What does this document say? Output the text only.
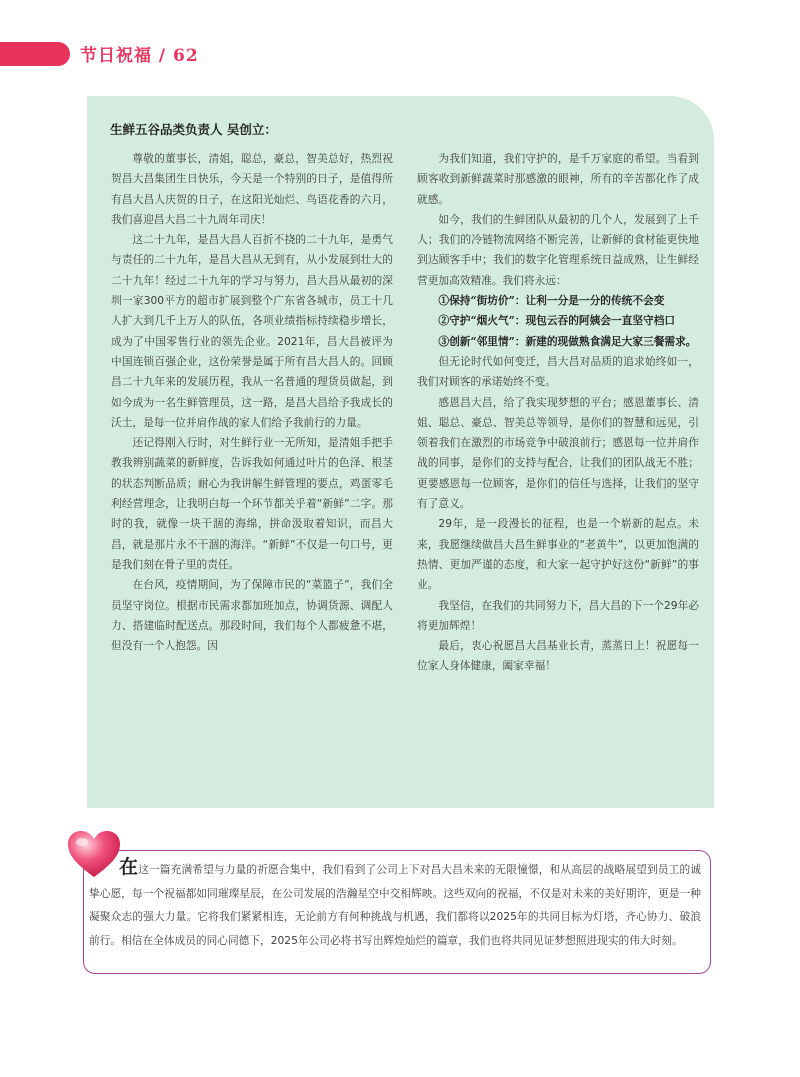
节日祝福 / 62
生鲜五谷品类负责人 吴创立：

尊敬的董事长，清姐，聪总，豪总，智美总好，热烈祝贺昌大昌集团生日快乐，今天是一个特别的日子，是值得所有昌大昌人庆贺的日子，在这阳光灿烂、鸟语花香的六月，我们喜迎昌大昌二十九周年司庆！

这二十九年，是昌大昌人百折不挠的二十九年，是勇气与责任的二十九年，是昌大昌从无到有，从小发展到壮大的二十九年！经过二十九年的学习与努力，昌大昌从最初的深圳一家300平方的超市扩展到整个广东省各城市，员工十几人扩大到几千上万人的队伍，各项业绩指标持续稳步增长，成为了中国零售行业的领先企业。2021年，昌大昌被评为中国连锁百强企业，这份荣誉是属于所有昌大昌人的。回顾昌二十九年来的发展历程，我从一名普通的理货员做起，到如今成为一名生鲜管理员，这一路，是昌大昌给予我成长的沃土，是每一位并肩作战的家人们给予我前行的力量。

还记得刚入行时，对生鲜行业一无所知，是清姐手把手教我辨别蔬菜的新鲜度，告诉我如何通过叶片的色泽、根茎的状态判断品质；耐心为我讲解生鲜管理的要点，鸡蛋零毛利经营理念，让我明白每一个环节都关乎着“新鲜”二字。那时的我，就像一块干涸的海绵，拼命汲取着知识，而昌大昌，就是那片永不干涸的海洋。“新鲜”不仅是一句口号，更是我们刻在骨子里的责任。

在台风，疫情期间，为了保障市民的“菜篮子”，我们全员坚守岗位。根据市民需求都加班加点，协调货源、调配人力、搭建临时配送点。那段时间，我们每个人都疲惫不堪，但没有一个人抱怨。因

为我们知道，我们守护的，是千万家庭的希望。当看到顾客收到新鲜蔬菜时那感激的眼神，所有的辛苦都化作了成就感。

如今，我们的生鲜团队从最初的几个人，发展到了上千人；我们的冷链物流网络不断完善，让新鲜的食材能更快地到达顾客手中；我们的数字化管理系统日益成熟，让生鲜经营更加高效精准。我们将永远：

①保持“街坊价”：让利一分是一分的传统不会变

②守护“烟火气”：现包云吞的阿姨会一直坚守档口

③创新“邻里情”：新建的现做熟食满足大家三餐需求。

但无论时代如何变迁，昌大昌对品质的追求始终如一，我们对顾客的承诺始终不变。

感恩昌大昌，给了我实现梦想的平台；感恩董事长、清姐、聪总、豪总、智美总等领导，是你们的智慧和远见，引领着我们在激烈的市场竞争中破浪前行；感恩每一位并肩作战的同事，是你们的支持与配合，让我们的团队战无不胜；更要感恩每一位顾客，是你们的信任与选择，让我们的坚守有了意义。

29年，是一段漫长的征程，也是一个崭新的起点。未来，我愿继续做昌大昌生鲜事业的“老黄牛”，以更加饱满的热情、更加严谨的态度，和大家一起守护好这份“新鲜”的事业。

我坚信，在我们的共同努力下，昌大昌的下一个29年必将更加辉煌！

最后，衷心祝愿昌大昌基业长青，蒸蒸日上！祝愿每一位家人身体健康，阖家幸福！

在这一篇充满希望与力量的祈愿合集中，我们看到了公司上下对昌大昌未来的无限憧憬，和从高层的战略展望到员工的诚挚心愿，每一个祝福都如同璀璨星辰，在公司发展的浩瀚星空中交相辉映。这些双向的祝福，不仅是对未来的美好期许，更是一种凝聚众志的强大力量。它将我们紧紧相连，无论前方有何种挑战与机遇，我们都将以2025年的共同目标为灯塔，齐心协力、破浪前行。相信在全体成员的同心同德下，2025年公司必将书写出辉煌灿烂的篇章，我们也将共同见证梦想照进现实的伟大时刻。
